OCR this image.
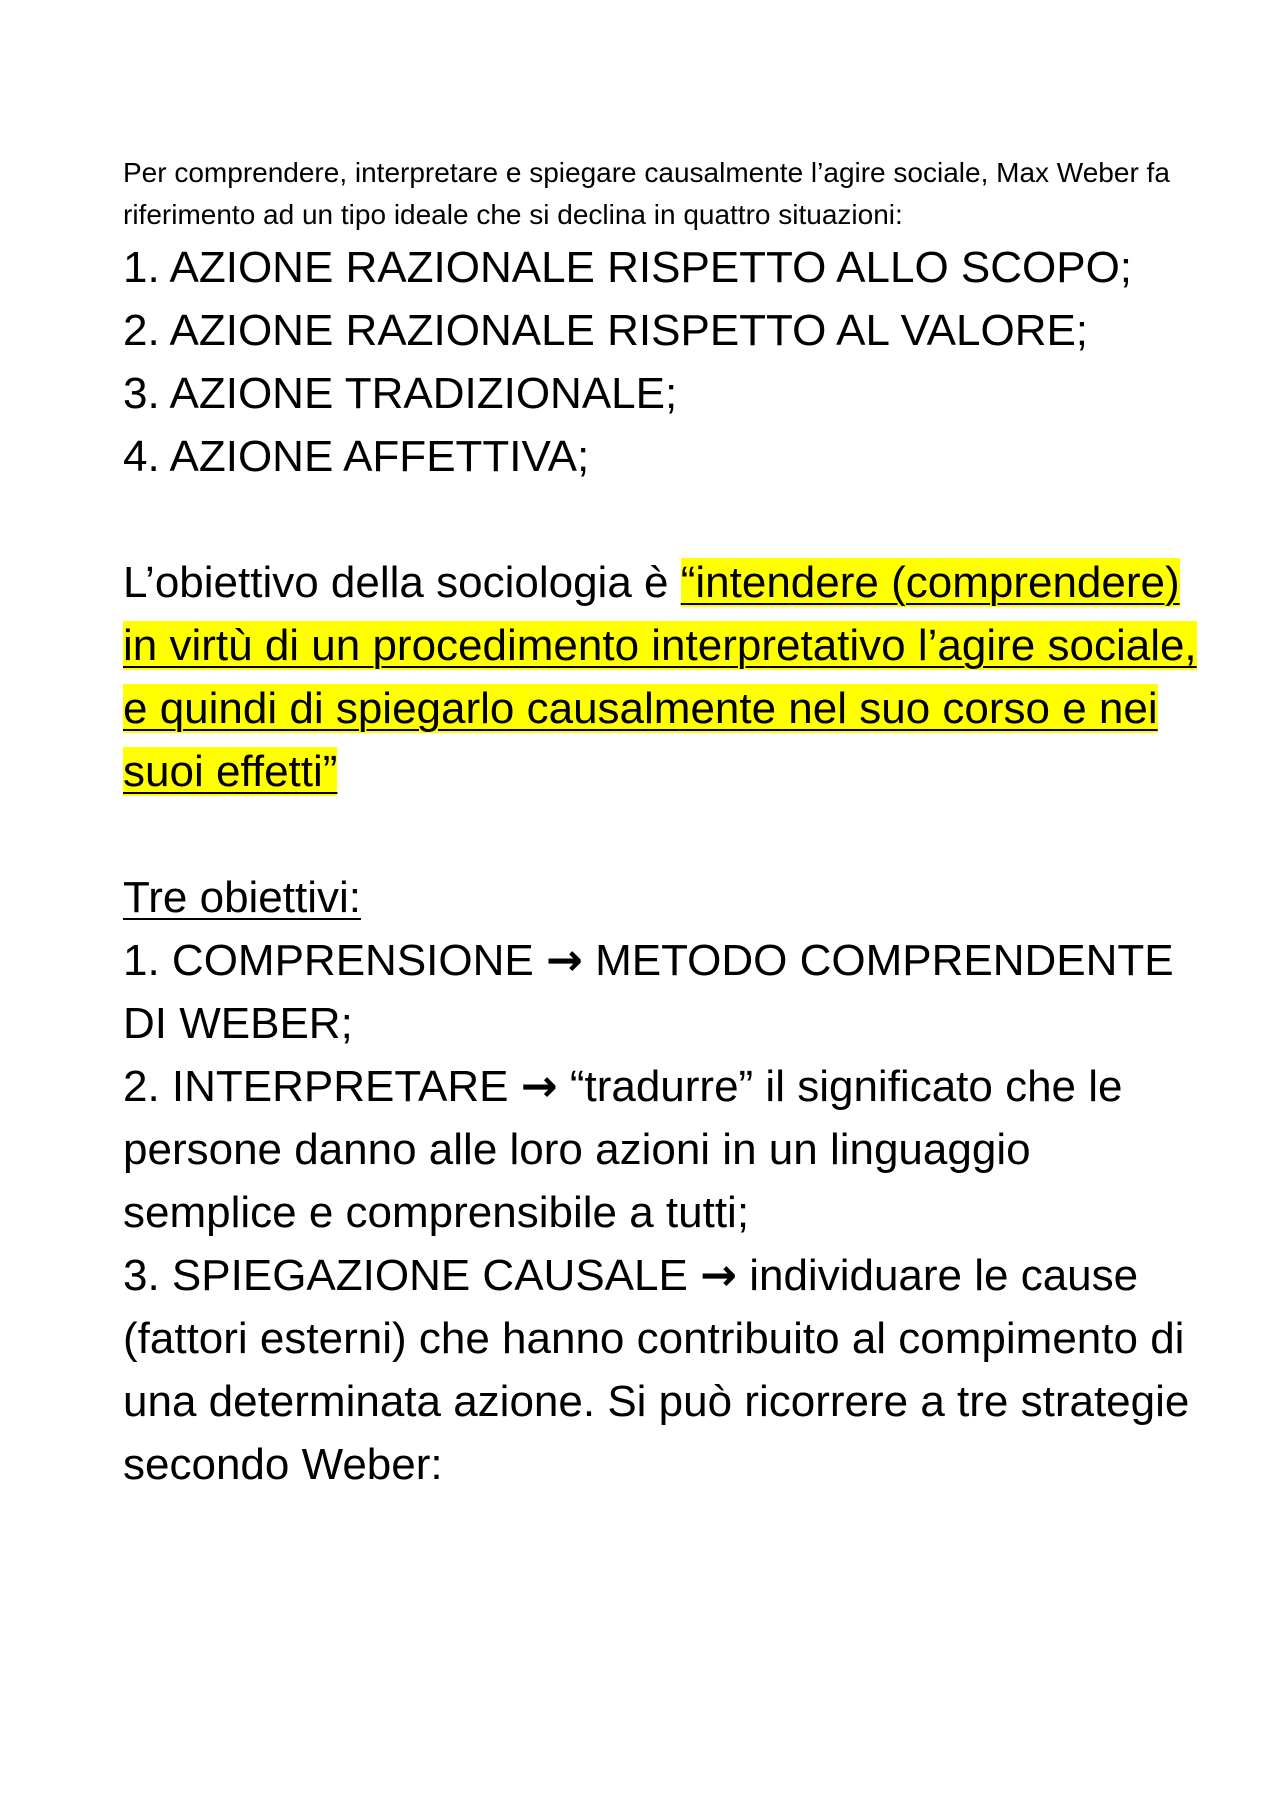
Per comprendere, interpretare e spiegare causalmente l’agire sociale, Max Weber fa riferimento ad un tipo ideale che si declina in quattro situazioni:

1. AZIONE RAZIONALE RISPETTO ALLO SCOPO;
2. AZIONE RAZIONALE RISPETTO AL VALORE;
3. AZIONE TRADIZIONALE;
4. AZIONE AFFETTIVA;

L’obiettivo della sociologia è “intendere (comprendere) in virtù di un procedimento interpretativo l’agire sociale, e quindi di spiegarlo causalmente nel suo corso e nei suoi effetti”

Tre obiettivi:
1. COMPRENSIONE → METODO COMPRENDENTE DI WEBER;
2. INTERPRETARE → “tradurre” il significato che le persone danno alle loro azioni in un linguaggio semplice e comprensibile a tutti;
3. SPIEGAZIONE CAUSALE → individuare le cause (fattori esterni) che hanno contribuito al compimento di una determinata azione. Si può ricorrere a tre strategie secondo Weber:
